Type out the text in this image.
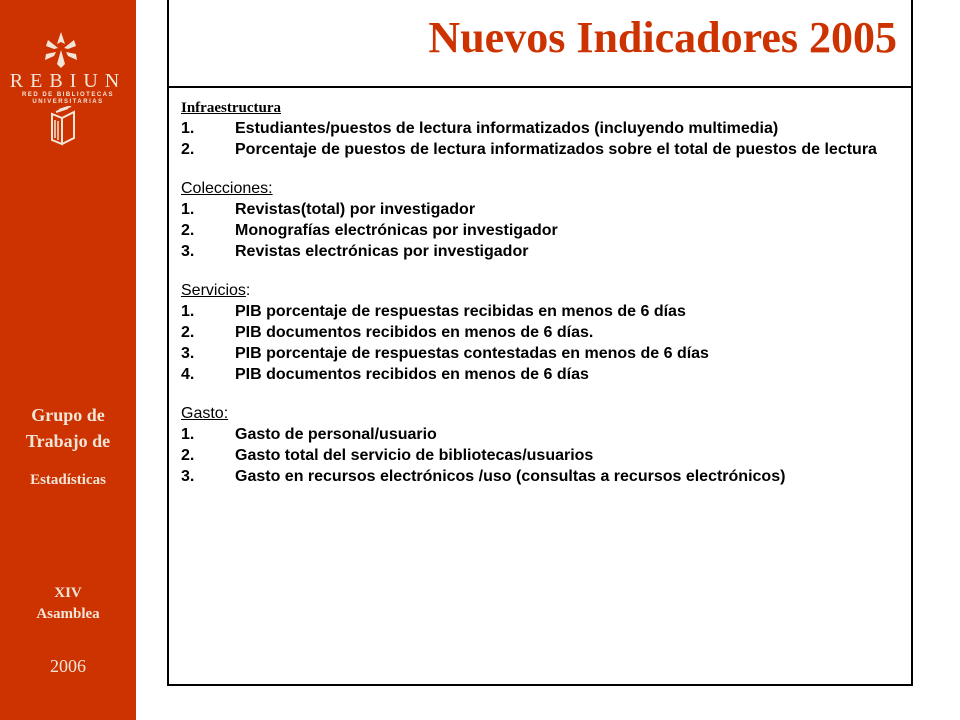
REBIUN
RED DE BIBLIOTECAS
UNIVERSITARIAS
Grupo de
Trabajo de
Estadísticas
XIV
Asamblea
2006
Nuevos Indicadores 2005
Infraestructura
1.	Estudiantes/puestos de lectura informatizados (incluyendo multimedia)
2.	Porcentaje de puestos de lectura informatizados sobre el total de puestos de lectura
Colecciones:
1.	Revistas(total) por investigador
2.	Monografías electrónicas por investigador
3.	Revistas electrónicas por investigador
Servicios:
1.	PIB porcentaje de respuestas recibidas en menos de 6 días
2.	PIB documentos recibidos en menos de 6 días.
3.	PIB porcentaje de respuestas contestadas en menos de 6 días
4.	PIB documentos recibidos en menos de 6 días
Gasto:
1.	Gasto de personal/usuario
2.	Gasto total del servicio de bibliotecas/usuarios
3.	Gasto en recursos electrónicos /uso (consultas a recursos electrónicos)
